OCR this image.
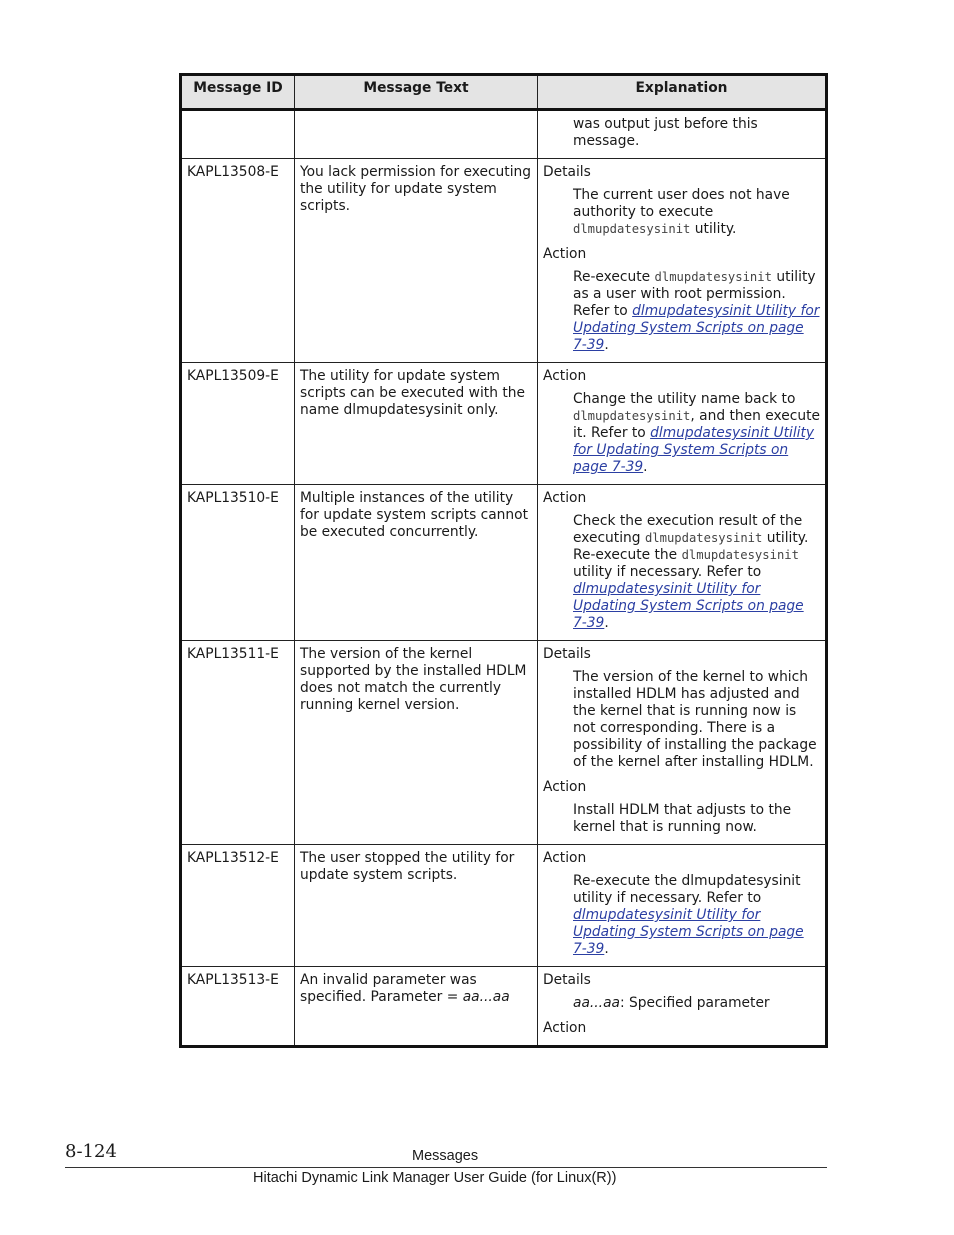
Message ID	Message Text	Explanation

		was output just before this message.

KAPL13508-E	You lack permission for executing the utility for update system scripts.	Details

The current user does not have authority to execute dlmupdatesysinit utility.

Action

Re-execute dlmupdatesysinit utility as a user with root permission. Refer to dlmupdatesysinit Utility for Updating System Scripts on page 7-39.

KAPL13509-E	The utility for update system scripts can be executed with the name dlmupdatesysinit only.	Action

Change the utility name back to dlmupdatesysinit, and then execute it. Refer to dlmupdatesysinit Utility for Updating System Scripts on page 7-39.

KAPL13510-E	Multiple instances of the utility for update system scripts cannot be executed concurrently.	Action

Check the execution result of the executing dlmupdatesysinit utility. Re-execute the dlmupdatesysinit utility if necessary. Refer to dlmupdatesysinit Utility for Updating System Scripts on page 7-39.

KAPL13511-E	The version of the kernel supported by the installed HDLM does not match the currently running kernel version.	Details

The version of the kernel to which installed HDLM has adjusted and the kernel that is running now is not corresponding. There is a possibility of installing the package of the kernel after installing HDLM.

Action

Install HDLM that adjusts to the kernel that is running now.

KAPL13512-E	The user stopped the utility for update system scripts.	Action

Re-execute the dlmupdatesysinit utility if necessary. Refer to dlmupdatesysinit Utility for Updating System Scripts on page 7-39.

KAPL13513-E	An invalid parameter was specified. Parameter = aa...aa	Details

aa...aa: Specified parameter

Action

8-124	Messages
Hitachi Dynamic Link Manager User Guide (for Linux(R))
